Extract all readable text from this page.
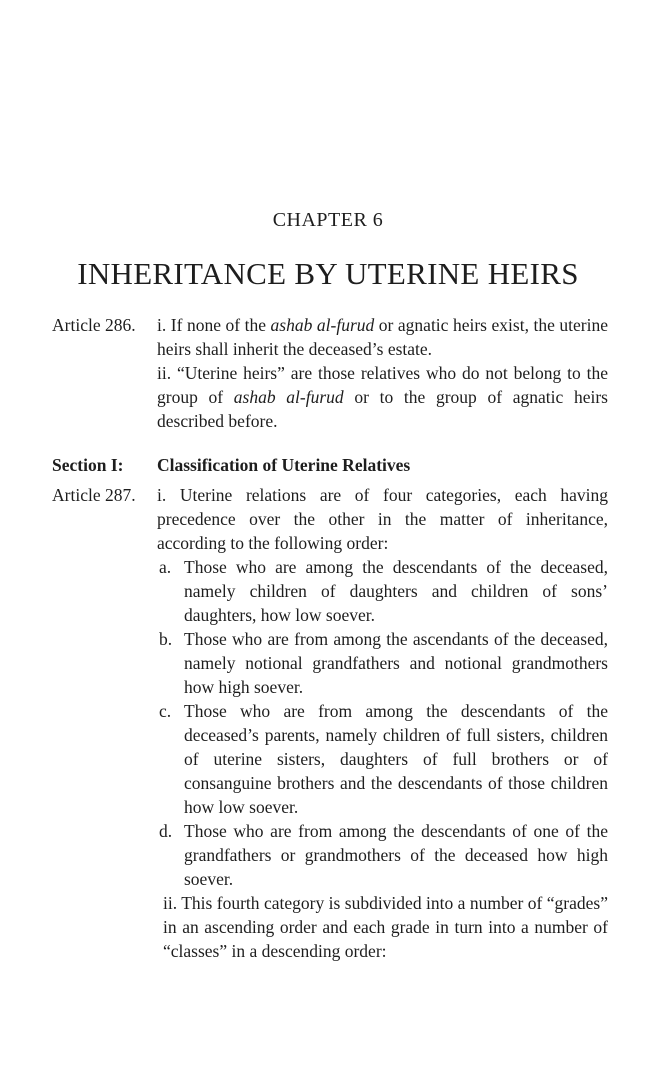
CHAPTER 6
INHERITANCE BY UTERINE HEIRS
Article 286.	i. If none of the ashab al-furud or agnatic heirs exist, the uterine heirs shall inherit the deceased’s estate.

ii. “Uterine heirs” are those relatives who do not belong to the group of ashab al-furud or to the group of agnatic heirs described before.

Section I:	Classification of Uterine Relatives
Article 287.	i. Uterine relations are of four categories, each having precedence over the other in the matter of inheritance, according to the following order:

a. Those who are among the descendants of the deceased, namely children of daughters and children of sons’ daughters, how low soever.

b. Those who are from among the ascendants of the deceased, namely notional grandfathers and notional grandmothers how high soever.

c. Those who are from among the descendants of the deceased’s parents, namely children of full sisters, children of uterine sisters, daughters of full brothers or of consanguine brothers and the descendants of those children how low soever.

d. Those who are from among the descendants of one of the grandfathers or grandmothers of the deceased how high soever.

ii. This fourth category is subdivided into a number of “grades” in an ascending order and each grade in turn into a number of “classes” in a descending order:
